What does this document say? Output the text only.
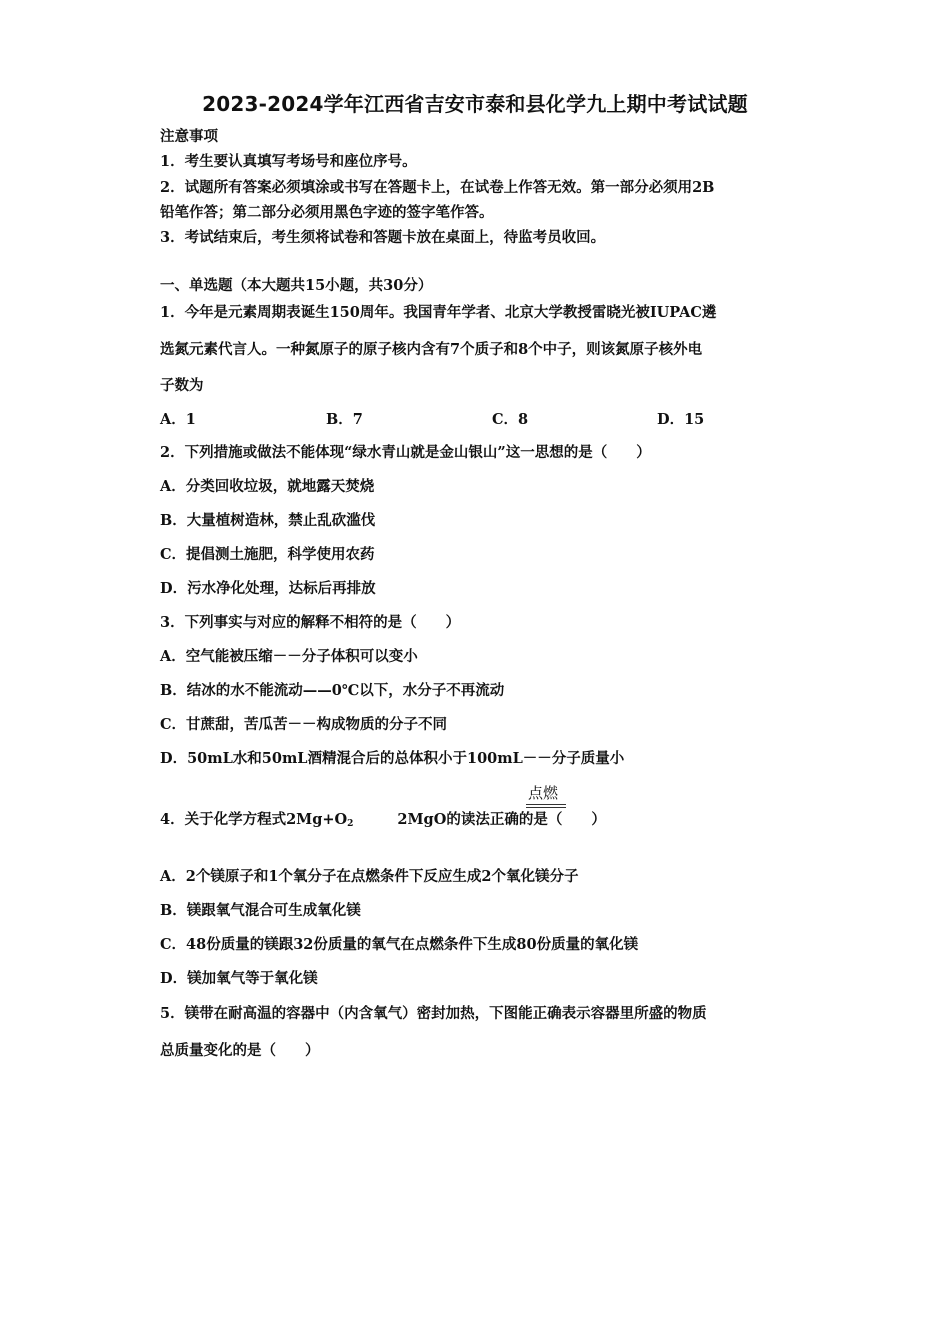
2023-2024学年江西省吉安市泰和县化学九上期中考试试题
注意事项
1．考生要认真填写考场号和座位序号。
2．试题所有答案必须填涂或书写在答题卡上，在试卷上作答无效。第一部分必须用2B
铅笔作答；第二部分必须用黑色字迹的签字笔作答。
3．考试结束后，考生须将试卷和答题卡放在桌面上，待监考员收回。
一、单选题（本大题共15小题，共30分）
1．今年是元素周期表诞生150周年。我国青年学者、北京大学教授雷晓光被IUPAC遴
选氮元素代言人。一种氮原子的原子核内含有7个质子和8个中子，则该氮原子核外电
子数为
A．1	B．7	C．8	D．15
2．下列措施或做法不能体现“绿水青山就是金山银山”这一思想的是（　　）
A．分类回收垃圾，就地露天焚烧
B．大量植树造林，禁止乱砍滥伐
C．提倡测土施肥，科学使用农药
D．污水净化处理，达标后再排放
3．下列事实与对应的解释不相符的是（　　）
A．空气能被压缩－－分子体积可以变小
B．结冰的水不能流动——0℃以下，水分子不再流动
C．甘蔗甜，苦瓜苦－－构成物质的分子不同
D．50mL水和50mL酒精混合后的总体积小于100mL－－分子质量小
点燃
4．关于化学方程式$2Mg+O_2$	2MgO的读法正确的是（　　）
A．2个镁原子和1个氧分子在点燃条件下反应生成2个氧化镁分子
B．镁跟氧气混合可生成氧化镁
C．48份质量的镁跟32份质量的氧气在点燃条件下生成80份质量的氧化镁
D．镁加氧气等于氧化镁
5．镁带在耐高温的容器中（内含氧气）密封加热，下图能正确表示容器里所盛的物质
总质量变化的是（　　）
